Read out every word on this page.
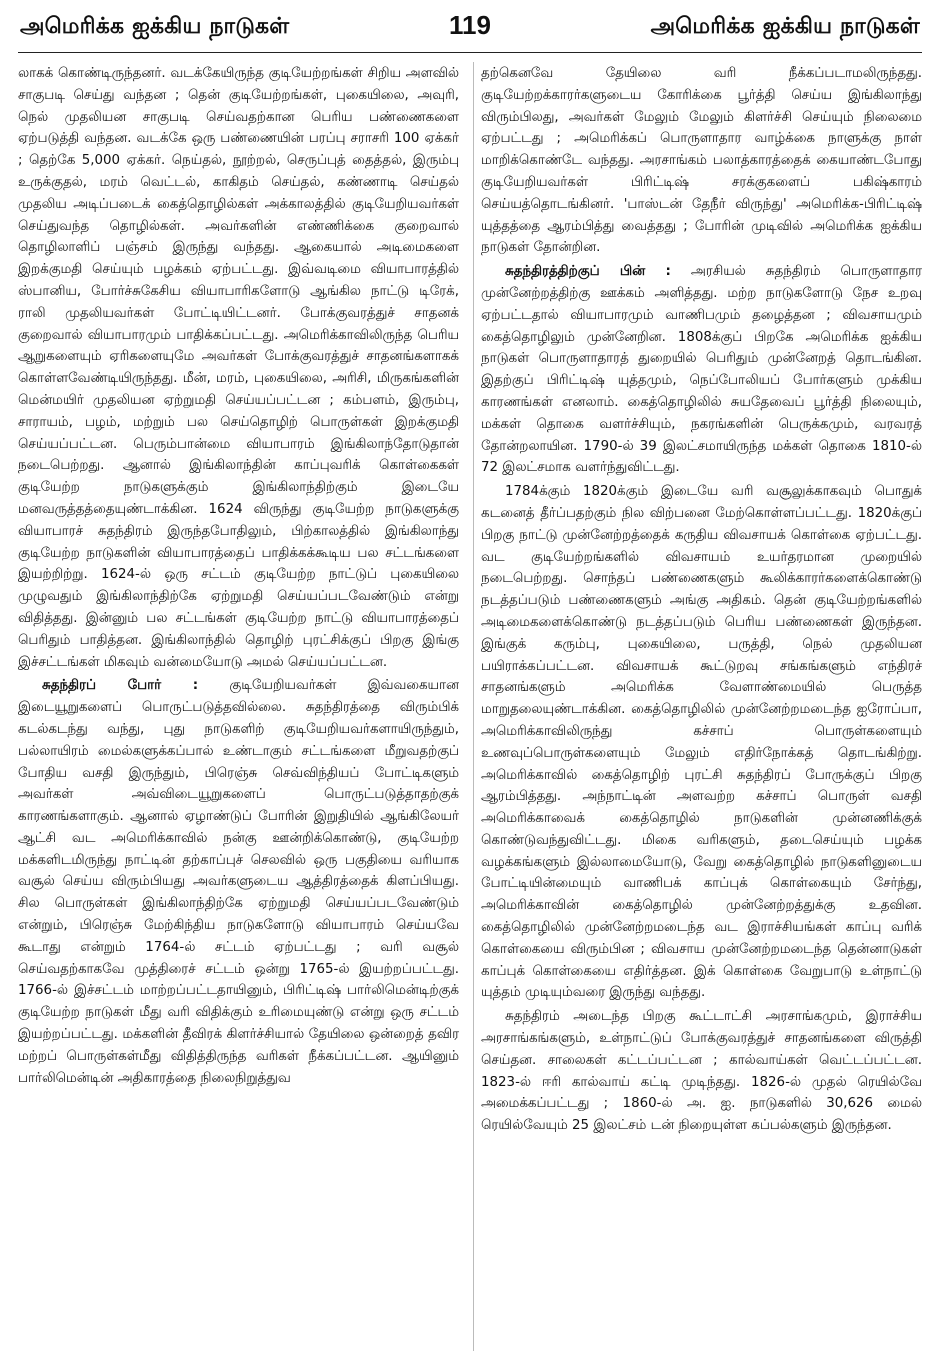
அமெரிக்க ஐக்கிய நாடுகள்	119	அமெரிக்க ஐக்கிய நாடுகள்

லாகக் கொண்டிருந்தனர். வடக்கேயிருந்த குடியேற்றங்கள் சிறிய அளவில் சாகுபடி செய்து வந்தன ; தென் குடியேற்றங்கள், புகையிலை, அவுரி, நெல் முதலியன சாகுபடி செய்வதற்கான பெரிய பண்ணைகளை ஏற்படுத்தி வந்தன. வடக்கே ஒரு பண்ணையின் பரப்பு சராசரி 100 ஏக்கர் ; தெற்கே 5,000 ஏக்கர். நெய்தல், நூற்றல், செருப்புத் தைத்தல், இரும்பு உருக்குதல், மரம் வெட்டல், காகிதம் செய்தல், கண்ணாடி செய்தல் முதலிய அடிப்படைக் கைத்தொழில்கள் அக்காலத்தில் குடியேறியவர்கள் செய்துவந்த தொழில்கள். அவர்களின் எண்ணிக்கை குறைவால் தொழிலாளிப் பஞ்சம் இருந்து வந்தது. ஆகையால் அடிமைகளை இறக்குமதி செய்யும் பழக்கம் ஏற்பட்டது. இவ்வடிமை வியாபாரத்தில் ஸ்பானிய, போர்ச்சுகேசிய வியாபாரிகளோடு ஆங்கில நாட்டு டிரேக், ராலி முதலியவர்கள் போட்டியிட்டனர். போக்குவரத்துச் சாதனக் குறைவால் வியாபாரமும் பாதிக்கப்பட்டது. அமெரிக்காவிலிருந்த பெரிய ஆறுகளையும் ஏரிகளையுமே அவர்கள் போக்குவரத்துச் சாதனங்களாகக் கொள்ளவேண்டியிருந்தது. மீன், மரம், புகையிலை, அரிசி, மிருகங்களின் மென்மயிர் முதலியன ஏற்றுமதி செய்யப்பட்டன ; கம்பளம், இரும்பு, சாராயம், பழம், மற்றும் பல செய்தொழிற் பொருள்கள் இறக்குமதி செய்யப்பட்டன. பெரும்பான்மை வியாபாரம் இங்கிலாந்தோடுதான் நடைபெற்றது. ஆனால் இங்கிலாந்தின் காப்புவரிக் கொள்கைகள் குடியேற்ற நாடுகளுக்கும் இங்கிலாந்திற்கும் இடையே மனவருத்தத்தையுண்டாக்கின. 1624 விருந்து குடியேற்ற நாடுகளுக்கு வியாபாரச் சுதந்திரம் இருந்தபோதிலும், பிற்காலத்தில் இங்கிலாந்து குடியேற்ற நாடுகளின் வியாபாரத்தைப் பாதிக்கக்கூடிய பல சட்டங்களை இயற்றிற்று. 1624-ல் ஒரு சட்டம் குடியேற்ற நாட்டுப் புகையிலை முழுவதும் இங்கிலாந்திற்கே ஏற்றுமதி செய்யப்படவேண்டும் என்று விதித்தது. இன்னும் பல சட்டங்கள் குடியேற்ற நாட்டு வியாபாரத்தைப் பெரிதும் பாதித்தன. இங்கிலாந்தில் தொழிற் புரட்சிக்குப் பிறகு இங்கு இச்சட்டங்கள் மிகவும் வன்மையோடு அமல் செய்யப்பட்டன.

சுதந்திரப் போர் : குடியேறியவர்கள் இவ்வகையான இடையூறுகளைப் பொருட்படுத்தவில்லை. சுதந்திரத்தை விரும்பிக் கடல்கடந்து வந்து, புது நாடுகளிற் குடியேறியவர்களாயிருந்தும், பல்லாயிரம் மைல்களுக்கப்பால் உண்டாகும் சட்டங்களை மீறுவதற்குப் போதிய வசதி இருந்தும், பிரெஞ்சு செவ்விந்தியப் போட்டிகளும் அவர்கள் அவ்விடையூறுகளைப் பொருட்படுத்தாதற்குக் காரணங்களாகும். ஆனால் ஏழாண்டுப் போரின் இறுதியில் ஆங்கிலேயர் ஆட்சி வட அமெரிக்காவில் நன்கு ஊன்றிக்கொண்டு, குடியேற்ற மக்களிடமிருந்து நாட்டின் தற்காப்புச் செலவில் ஒரு பகுதியை வரியாக வசூல் செய்ய விரும்பியது அவர்களுடைய ஆத்திரத்தைக் கிளப்பியது. சில பொருள்கள் இங்கிலாந்திற்கே ஏற்றுமதி செய்யப்படவேண்டும் என்றும், பிரெஞ்சு மேற்கிந்திய நாடுகளோடு வியாபாரம் செய்யவே கூடாது என்றும் 1764-ல் சட்டம் ஏற்பட்டது ; வரி வசூல் செய்வதற்காகவே முத்திரைச் சட்டம் ஒன்று 1765-ல் இயற்றப்பட்டது. 1766-ல் இச்சட்டம் மாற்றப்பட்டதாயினும், பிரிட்டிஷ் பார்லிமென்டிற்குக் குடியேற்ற நாடுகள் மீது வரி விதிக்கும் உரிமையுண்டு என்று ஒரு சட்டம் இயற்றப்பட்டது. மக்களின் தீவிரக் கிளர்ச்சியால் தேயிலை ஒன்றைத் தவிர மற்றப் பொருள்கள்மீது விதித்திருந்த வரிகள் நீக்கப்பட்டன. ஆயினும் பார்லிமென்டின் அதிகாரத்தை நிலைநிறுத்துவ

தற்கெனவே தேயிலை வரி நீக்கப்படாமலிருந்தது. குடியேற்றக்காரர்களுடைய கோரிக்கை பூர்த்தி செய்ய இங்கிலாந்து விரும்பிலது, அவர்கள் மேலும் மேலும் கிளர்ச்சி செய்யும் நிலைமை ஏற்பட்டது ; அமெரிக்கப் பொருளாதார வாழ்க்கை நாளுக்கு நாள் மாறிக்கொண்டே வந்தது. அரசாங்கம் பலாத்காரத்தைக் கையாண்டபோது குடியேறியவர்கள் பிரிட்டிஷ் சரக்குகளைப் பகிஷ்காரம் செய்யத்தொடங்கினர். 'பாஸ்டன் தேநீர் விருந்து' அமெரிக்க-பிரிட்டிஷ் யுத்தத்தை ஆரம்பித்து வைத்தது ; போரின் முடிவில் அமெரிக்க ஐக்கிய நாடுகள் தோன்றின.

சுதந்திரத்திற்குப் பின் : அரசியல் சுதந்திரம் பொருளாதார முன்னேற்றத்திற்கு ஊக்கம் அளித்தது. மற்ற நாடுகளோடு நேச உறவு ஏற்பட்டதால் வியாபாரமும் வாணிபமும் தழைத்தன ; விவசாயமும் கைத்தொழிலும் முன்னேறின. 1808க்குப் பிறகே அமெரிக்க ஐக்கிய நாடுகள் பொருளாதாரத் துறையில் பெரிதும் முன்னேறத் தொடங்கின. இதற்குப் பிரிட்டிஷ் யுத்தமும், நெப்போலியப் போர்களும் முக்கிய காரணங்கள் எனலாம். கைத்தொழிலில் சுயதேவைப் பூர்த்தி நிலையும், மக்கள் தொகை வளர்ச்சியும், நகரங்களின் பெருக்கமும், வரவரத் தோன்றலாயின. 1790-ல் 39 இலட்சமாயிருந்த மக்கள் தொகை 1810-ல் 72 இலட்சமாக வளர்ந்துவிட்டது.

1784க்கும் 1820க்கும் இடையே வரி வசூலுக்காகவும் பொதுக் கடனைத் தீர்ப்பதற்கும் நில விற்பனை மேற்கொள்ளப்பட்டது. 1820க்குப் பிறகு நாட்டு முன்னேற்றத்தைக் கருதிய விவசாயக் கொள்கை ஏற்பட்டது. வட குடியேற்றங்களில் விவசாயம் உயர்தரமான முறையில் நடைபெற்றது. சொந்தப் பண்ணைகளும் கூலிக்காரர்களைக்கொண்டு நடத்தப்படும் பண்ணைகளும் அங்கு அதிகம். தென் குடியேற்றங்களில் அடிமைகளைக்கொண்டு நடத்தப்படும் பெரிய பண்ணைகள் இருந்தன. இங்குக் கரும்பு, புகையிலை, பருத்தி, நெல் முதலியன பயிராக்கப்பட்டன. விவசாயக் கூட்டுறவு சங்கங்களும் எந்திரச் சாதனங்களும் அமெரிக்க வேளாண்மையில் பெருத்த மாறுதலையுண்டாக்கின. கைத்தொழிலில் முன்னேற்றமடைந்த ஐரோப்பா, அமெரிக்காவிலிருந்து கச்சாப் பொருள்களையும் உணவுப்பொருள்களையும் மேலும் எதிர்நோக்கத் தொடங்கிற்று. அமெரிக்காவில் கைத்தொழிற் புரட்சி சுதந்திரப் போருக்குப் பிறகு ஆரம்பித்தது. அந்நாட்டின் அளவற்ற கச்சாப் பொருள் வசதி அமெரிக்காவைக் கைத்தொழில் நாடுகளின் முன்னணிக்குக் கொண்டுவந்துவிட்டது. மிகை வரிகளும், தடைசெய்யும் பழக்க வழக்கங்களும் இல்லாமையோடு, வேறு கைத்தொழில் நாடுகளினுடைய போட்டியின்மையும் வாணிபக் காப்புக் கொள்கையும் சேர்ந்து, அமெரிக்காவின் கைத்தொழில் முன்னேற்றத்துக்கு உதவின. கைத்தொழிலில் முன்னேற்றமடைந்த வட இராச்சியங்கள் காப்பு வரிக் கொள்கையை விரும்பின ; விவசாய முன்னேற்றமடைந்த தென்னாடுகள் காப்புக் கொள்கையை எதிர்த்தன. இக் கொள்கை வேறுபாடு உள்நாட்டு யுத்தம் முடியும்வரை இருந்து வந்தது.

சுதந்திரம் அடைந்த பிறகு கூட்டாட்சி அரசாங்கமும், இராச்சிய அரசாங்கங்களும், உள்நாட்டுப் போக்குவரத்துச் சாதனங்களை விருத்தி செய்தன. சாலைகள் கட்டப்பட்டன ; கால்வாய்கள் வெட்டப்பட்டன. 1823-ல் ஈரி கால்வாய் கட்டி முடிந்தது. 1826-ல் முதல் ரெயில்வே அமைக்கப்பட்டது ; 1860-ல் அ. ஐ. நாடுகளில் 30,626 மைல் ரெயில்வேயும் 25 இலட்சம் டன் நிறையுள்ள கப்பல்களும் இருந்தன.
